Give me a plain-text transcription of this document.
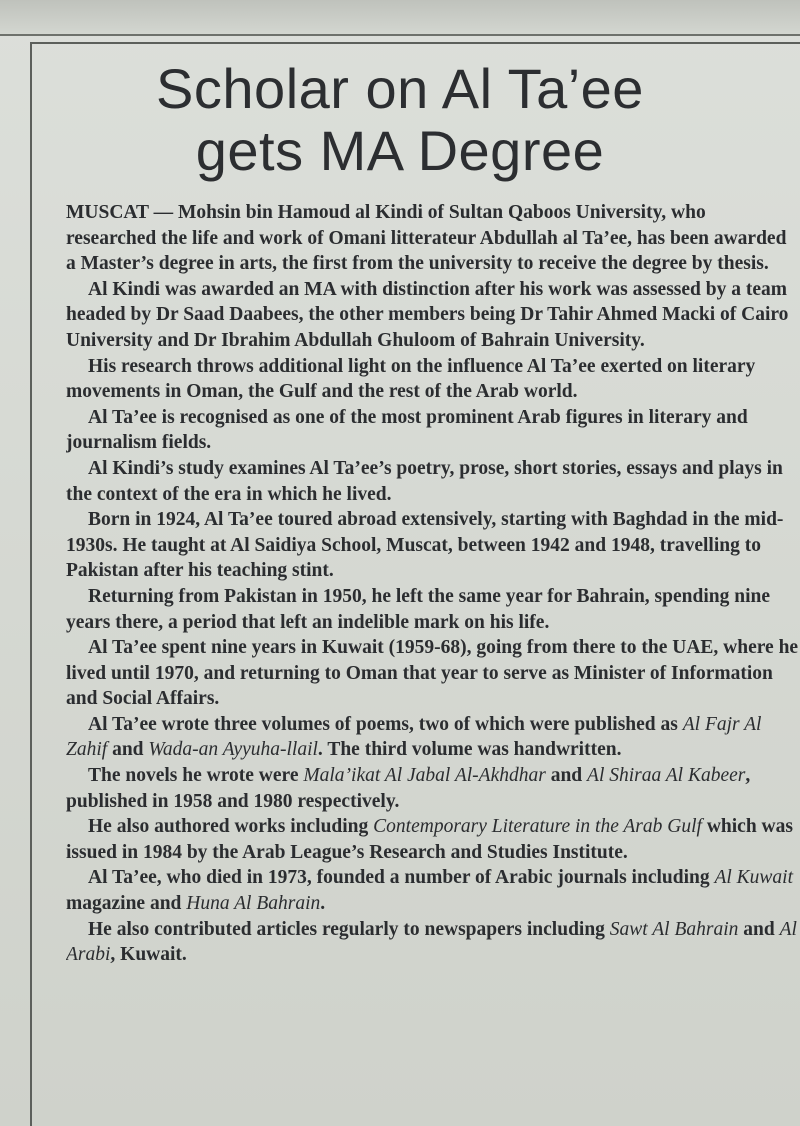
Scholar on Al Ta’ee
gets MA Degree

MUSCAT — Mohsin bin Hamoud al Kindi of Sultan Qaboos University, who researched the life and work of Omani litterateur Abdullah al Ta’ee, has been awarded a Master’s degree in arts, the first from the university to receive the degree by thesis.

Al Kindi was awarded an MA with distinction after his work was assessed by a team headed by Dr Saad Daabees, the other members being Dr Tahir Ahmed Macki of Cairo University and Dr Ibrahim Abdullah Ghuloom of Bahrain University.

His research throws additional light on the influence Al Ta’ee exerted on literary movements in Oman, the Gulf and the rest of the Arab world.

Al Ta’ee is recognised as one of the most prominent Arab figures in literary and journalism fields.

Al Kindi’s study examines Al Ta’ee’s poetry, prose, short stories, essays and plays in the context of the era in which he lived.

Born in 1924, Al Ta’ee toured abroad extensively, starting with Baghdad in the mid-1930s. He taught at Al Saidiya School, Muscat, between 1942 and 1948, travelling to Pakistan after his teaching stint.

Returning from Pakistan in 1950, he left the same year for Bahrain, spending nine years there, a period that left an indelible mark on his life.

Al Ta’ee spent nine years in Kuwait (1959-68), going from there to the UAE, where he lived until 1970, and returning to Oman that year to serve as Minister of Information and Social Affairs.

Al Ta’ee wrote three volumes of poems, two of which were published as Al Fajr Al Zahif and Wada-an Ayyuha-llail. The third volume was handwritten.

The novels he wrote were Mala’ikat Al Jabal Al-Akhdhar and Al Shiraa Al Kabeer, published in 1958 and 1980 respectively.

He also authored works including Contemporary Literature in the Arab Gulf which was issued in 1984 by the Arab League’s Research and Studies Institute.

Al Ta’ee, who died in 1973, founded a number of Arabic journals including Al Kuwait magazine and Huna Al Bahrain.

He also contributed articles regularly to newspapers including Sawt Al Bahrain and Al Arabi, Kuwait.
